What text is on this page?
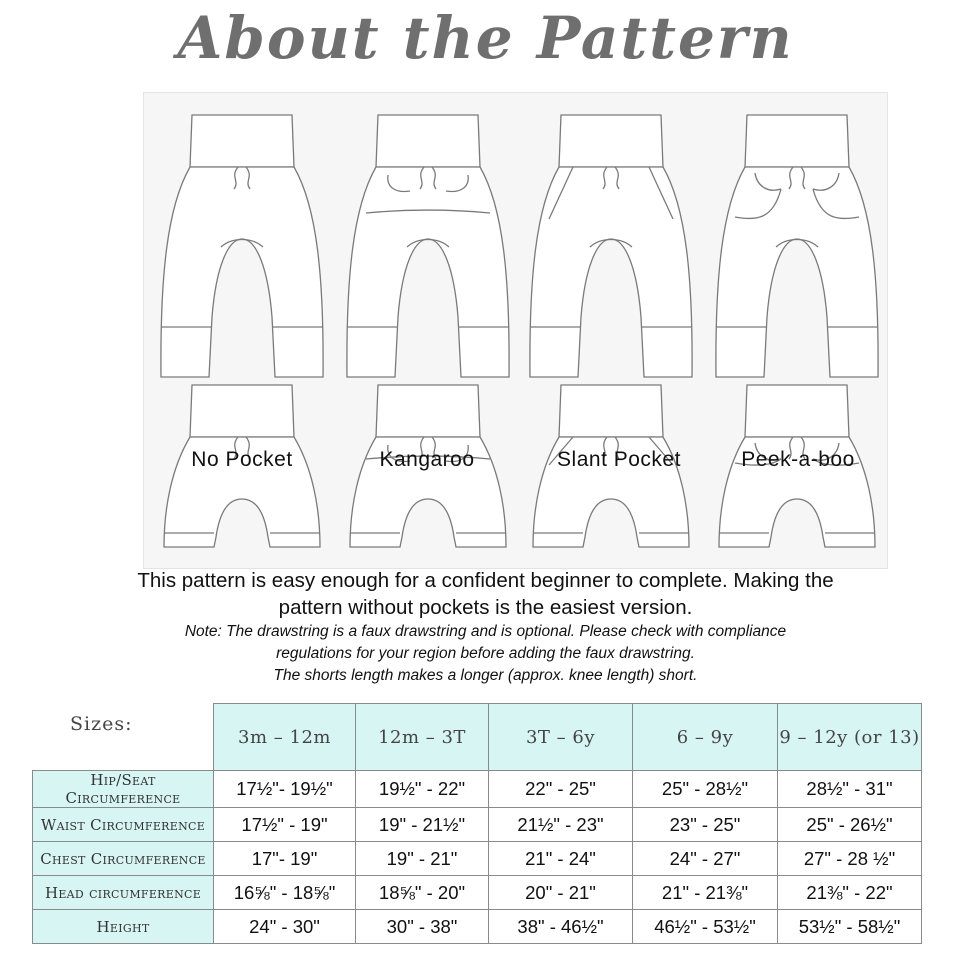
About the Pattern
No Pocket	Kangaroo	Slant Pocket	Peek-a-boo
This pattern is easy enough for a confident beginner to complete. Making the
pattern without pockets is the easiest version.
Note: The drawstring is a faux drawstring and is optional. Please check with compliance
regulations for your region before adding the faux drawstring.
The shorts length makes a longer (approx. knee length) short.
	3m – 12m	12m – 3T	3T – 6y	6 – 9y	9 – 12y (or 13)
Hip/Seat Circumference	17½"- 19½"	19½" - 22"	22" - 25"	25" - 28½"	28½" - 31"
Waist Circumference	17½" - 19"	19" - 21½"	21½" - 23"	23" - 25"	25" - 26½"
Chest Circumference	17"- 19"	19" - 21"	21" - 24"	24" - 27"	27" - 28 ½"
Head circumference	16⅝" - 18⅝"	18⅝" - 20"	20" - 21"	21" - 21⅜"	21⅜" - 22"
Height	24" - 30"	30" - 38"	38" - 46½"	46½" - 53½"	53½" - 58½"
Sizes:
